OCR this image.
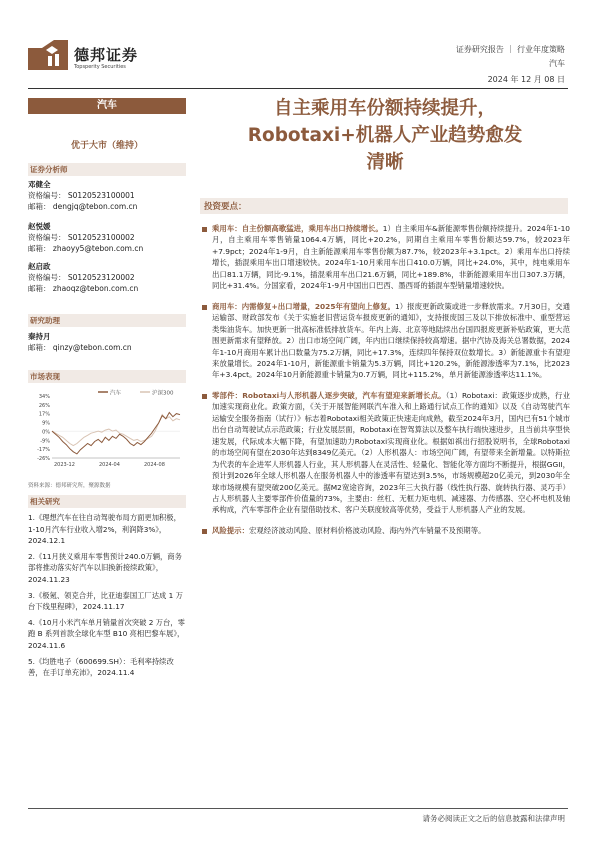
德邦证券
Topsperity Securities
证券研究报告 ｜ 行业年度策略
汽车
2024 年 12 月 08 日
汽车
优于大市（维持）
证券分析师
邓健全
资格编号： S0120523100001
邮箱： dengjq@tebon.com.cn
赵悦媛
资格编号： S0120523100002
邮箱： zhaoyy5@tebon.com.cn
赵启政
资格编号： S0120523120002
邮箱： zhaoqz@tebon.com.cn
研究助理
秦持月
邮箱： qinzy@tebon.com.cn
市场表现
汽车	沪深300
34%
26%
17%
9%
0%
-9%
-17%
-26%
2023-12	2024-04	2024-08
资料来源：德邦研究所，聚源数据
相关研究
1.《理想汽车在往自动驾驶布局方面更加积极，1-10月汽车行业收入增2%，利润降3%》，2024.12.1
2.《11月狭义乘用车零售预计240.0万辆，商务部将推动落实好汽车以旧换新接续政策》，2024.11.23
3.《极氪、领克合并，比亚迪泰国工厂达成 1 万台下线里程碑》，2024.11.17
4.《10月小米汽车单月销量首次突破 2 万台，零跑 B 系列首款全球化车型 B10 亮相巴黎车展》，2024.11.6
5.《均胜电子（600699.SH）：毛利率持续改善，在手订单充沛》，2024.11.4
自主乘用车份额持续提升，
Robotaxi+机器人产业趋势愈发
清晰
投资要点：
乘用车：自主份额高歌猛进，乘用车出口持续增长。1）自主乘用车&新能源零售份额持续提升。2024年1-10月，自主乘用车零售销量1064.4万辆，同比+20.2%，同期自主乘用车零售份额达59.7%，较2023年+7.9pct；2024年1-9月，自主新能源乘用车零售份额为87.7%，较2023年+3.1pct。2）乘用车出口持续增长，插混乘用车出口增速较快。2024年1-10月乘用车出口410.0万辆，同比+24.0%，其中，纯电乘用车出口81.1万辆，同比-9.1%，插混乘用车出口21.6万辆，同比+189.8%，非新能源乘用车出口307.3万辆，同比+31.4%。分国家看，2024年1-9月中国出口巴西、墨西哥的插混车型销量增速较快。
商用车：内需修复+出口增量，2025年有望向上修复。1）报废更新政策或进一步释放需求。7月30日，交通运输部、财政部发布《关于实施老旧营运货车报废更新的通知》，支持报废国三及以下排放标准中、重型营运类柴油货车。加快更新一批高标准低排放货车。年内上海、北京等地陆续出台国四报废更新补贴政策，更大范围更新需求有望释放。2）出口市场空间广阔，年内出口继续保持较高增速。据中汽协及海关总署数据，2024年1-10月商用车累计出口数量为75.2万辆，同比+17.3%，连续四年保持双位数增长。3）新能源重卡有望迎来放量增长。2024年1-10月，新能源重卡销量为5.3万辆，同比+120.2%，新能源渗透率为7.1%，比2023年+3.4pct。2024年10月新能源重卡销量为0.7万辆，同比+115.2%，单月新能源渗透率达11.1%。
零部件：Robotaxi与人形机器人逐步突破，汽车有望迎来新增长点。（1）Robotaxi：政策逐步成熟，行业加速实现商业化。政策方面，《关于开展智能网联汽车准入和上路通行试点工作的通知》以及《自动驾驶汽车运输安全服务指南（试行）》标志着Robotaxi相关政策正快速走向成熟，截至2024年3月，国内已有51个城市出台自动驾驶试点示范政策；行业发展层面，Robotaxi在智驾算法以及整车执行端快速进步，且当前共享型快速发展，代际成本大幅下降，有望加速助力Robotaxi实现商业化。根据如祺出行招股说明书，全球Robotaxi的市场空间有望在2030年达到8349亿美元。（2）人形机器人：市场空间广阔，有望带来全新增量。以特斯拉为代表的车企进军人形机器人行业，其人形机器人在灵活性、轻量化、智能化等方面均不断提升，根据GGII，预计到2026年全球人形机器人在服务机器人中的渗透率有望达到3.5%，市场规模超20亿美元，到2030年全球市场规模有望突破200亿美元。据M2宽途咨询，2023年三大执行器（线性执行器、旋转执行器、灵巧手）占人形机器人主要零部件价值量的73%，主要由：丝杠、无框力矩电机、减速器、力传感器、空心杯电机及轴承构成，汽车零部件企业有望借助技术、客户关联度较高等优势，受益于人形机器人产业的发展。
风险提示：宏观经济波动风险、原材料价格波动风险、海内外汽车销量不及预期等。
请务必阅读正文之后的信息披露和法律声明
